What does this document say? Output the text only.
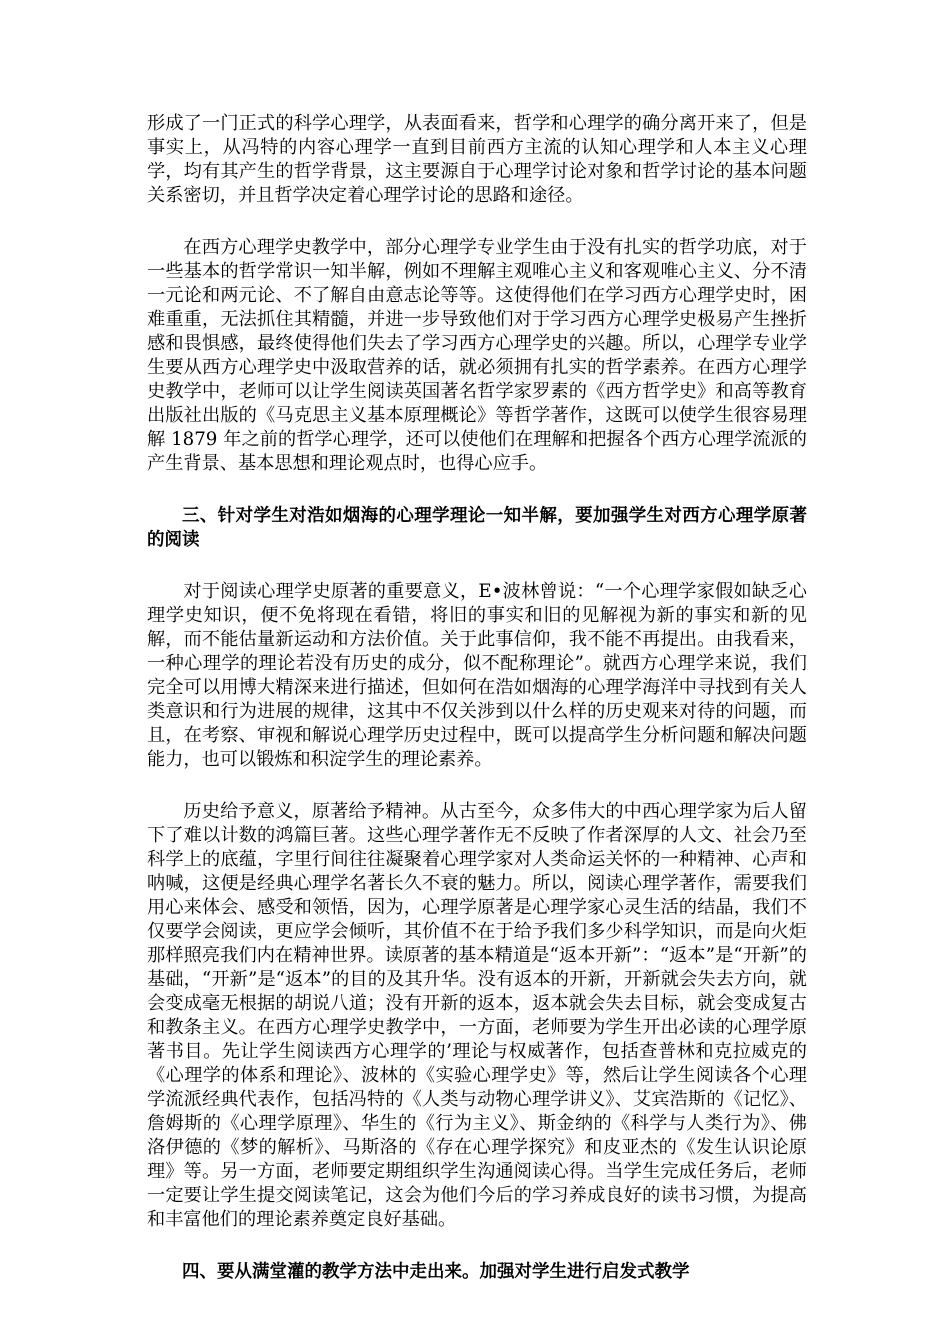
形成了一门正式的科学心理学，从表面看来，哲学和心理学的确分离开来了，但是事实上，从冯特的内容心理学一直到目前西方主流的认知心理学和人本主义心理学，均有其产生的哲学背景，这主要源自于心理学讨论对象和哲学讨论的基本问题关系密切，并且哲学决定着心理学讨论的思路和途径。

在西方心理学史教学中，部分心理学专业学生由于没有扎实的哲学功底，对于一些基本的哲学常识一知半解，例如不理解主观唯心主义和客观唯心主义、分不清一元论和两元论、不了解自由意志论等等。这使得他们在学习西方心理学史时，困难重重，无法抓住其精髓，并进一步导致他们对于学习西方心理学史极易产生挫折感和畏惧感，最终使得他们失去了学习西方心理学史的兴趣。所以，心理学专业学生要从西方心理学史中汲取营养的话，就必须拥有扎实的哲学素养。在西方心理学史教学中，老师可以让学生阅读英国著名哲学家罗素的《西方哲学史》和高等教育出版社出版的《马克思主义基本原理概论》等哲学著作，这既可以使学生很容易理解 1879 年之前的哲学心理学，还可以使他们在理解和把握各个西方心理学流派的产生背景、基本思想和理论观点时，也得心应手。

三、针对学生对浩如烟海的心理学理论一知半解，要加强学生对西方心理学原著的阅读

对于阅读心理学史原著的重要意义，E•波林曾说：“一个心理学家假如缺乏心理学史知识，便不免将现在看错，将旧的事实和旧的见解视为新的事实和新的见解，而不能估量新运动和方法价值。关于此事信仰，我不能不再提出。由我看来，一种心理学的理论若没有历史的成分，似不配称理论”。就西方心理学来说，我们完全可以用博大精深来进行描述，但如何在浩如烟海的心理学海洋中寻找到有关人类意识和行为进展的规律，这其中不仅关涉到以什么样的历史观来对待的问题，而且，在考察、审视和解说心理学历史过程中，既可以提高学生分析问题和解决问题能力，也可以锻炼和积淀学生的理论素养。

历史给予意义，原著给予精神。从古至今，众多伟大的中西心理学家为后人留下了难以计数的鸿篇巨著。这些心理学著作无不反映了作者深厚的人文、社会乃至科学上的底蕴，字里行间往往凝聚着心理学家对人类命运关怀的一种精神、心声和呐喊，这便是经典心理学名著长久不衰的魅力。所以，阅读心理学著作，需要我们用心来体会、感受和领悟，因为，心理学原著是心理学家心灵生活的结晶，我们不仅要学会阅读，更应学会倾听，其价值不在于给予我们多少科学知识，而是向火炬那样照亮我们内在精神世界。读原著的基本精道是“返本开新”：“返本”是“开新”的基础，“开新”是“返本”的目的及其升华。没有返本的开新，开新就会失去方向，就会变成毫无根据的胡说八道；没有开新的返本，返本就会失去目标，就会变成复古和教条主义。在西方心理学史教学中，一方面，老师要为学生开出必读的心理学原著书目。先让学生阅读西方心理学的’理论与权威著作，包括查普林和克拉威克的《心理学的体系和理论》、波林的《实验心理学史》等，然后让学生阅读各个心理学流派经典代表作，包括冯特的《人类与动物心理学讲义》、艾宾浩斯的《记忆》、詹姆斯的《心理学原理》、华生的《行为主义》、斯金纳的《科学与人类行为》、佛洛伊德的《梦的解析》、马斯洛的《存在心理学探究》和皮亚杰的《发生认识论原理》等。另一方面，老师要定期组织学生沟通阅读心得。当学生完成任务后，老师一定要让学生提交阅读笔记，这会为他们今后的学习养成良好的读书习惯，为提高和丰富他们的理论素养奠定良好基础。

四、要从满堂灌的教学方法中走出来。加强对学生进行启发式教学
